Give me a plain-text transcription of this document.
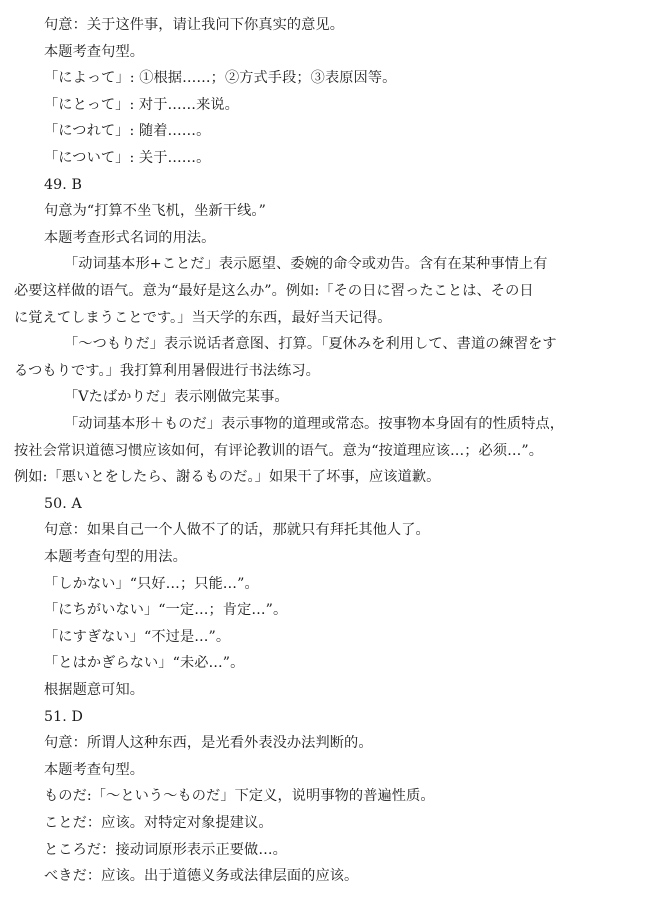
句意：关于这件事，请让我问下你真实的意见。
本题考查句型。
「によって」: ①根据……；②方式手段；③表原因等。
「にとって」: 对于……来说。
「につれて」: 随着……。
「について」: 关于……。
49. B
句意为“打算不坐飞机，坐新干线。”
本题考查形式名词的用法。
「动词基本形+ことだ」表示愿望、委婉的命令或劝告。含有在某种事情上有
必要这样做的语气。意为“最好是这么办”。例如:「その日に習ったことは、その日
に覚えてしまうことです。」当天学的东西，最好当天记得。
「～つもりだ」表示说话者意图、打算。「夏休みを利用して、書道の練習をす
るつもりです。」我打算利用暑假进行书法练习。
「Vたばかりだ」表示刚做完某事。
「动词基本形＋ものだ」表示事物的道理或常态。按事物本身固有的性质特点，
按社会常识道德习惯应该如何，有评论教训的语气。意为“按道理应该…；必须…”。
例如:「悪いとをしたら、謝るものだ。」如果干了坏事，应该道歉。
50. A
句意：如果自己一个人做不了的话，那就只有拜托其他人了。
本题考查句型的用法。
「しかない」“只好…；只能…”。
「にちがいない」“一定…；肯定…”。
「にすぎない」“不过是…”。
「とはかぎらない」“未必…”。
根据题意可知。
51. D
句意：所谓人这种东西，是光看外表没办法判断的。
本题考查句型。
ものだ:「～という～ものだ」下定义，说明事物的普遍性质。
ことだ：应该。对特定对象提建议。
ところだ：接动词原形表示正要做…。
べきだ：应该。出于道德义务或法律层面的应该。
